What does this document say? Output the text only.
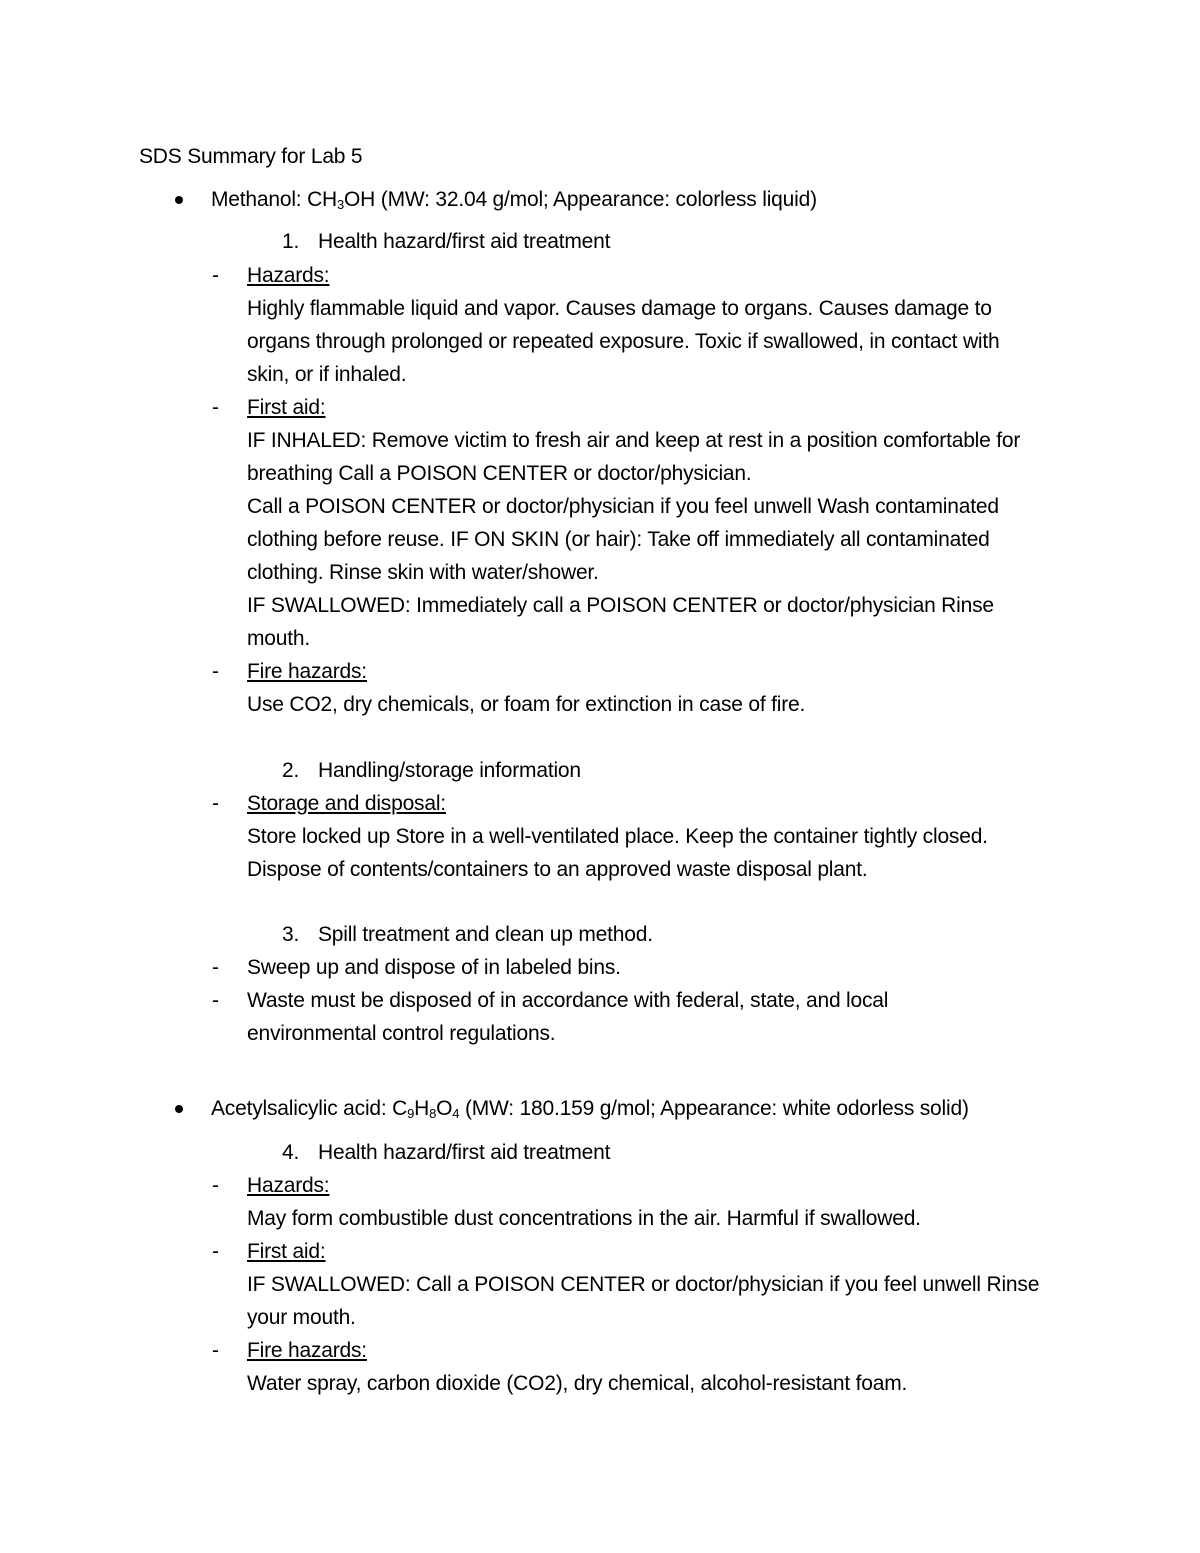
SDS Summary for Lab 5
Methanol: $CH_3OH$ (MW: 32.04 g/mol; Appearance: colorless liquid)
1. Health hazard/first aid treatment
- Hazards:
Highly flammable liquid and vapor. Causes damage to organs. Causes damage to
organs through prolonged or repeated exposure. Toxic if swallowed, in contact with
skin, or if inhaled.
- First aid:
IF INHALED: Remove victim to fresh air and keep at rest in a position comfortable for
breathing Call a POISON CENTER or doctor/physician.
Call a POISON CENTER or doctor/physician if you feel unwell Wash contaminated
clothing before reuse. IF ON SKIN (or hair): Take off immediately all contaminated
clothing. Rinse skin with water/shower.
IF SWALLOWED: Immediately call a POISON CENTER or doctor/physician Rinse
mouth.
- Fire hazards:
Use CO2, dry chemicals, or foam for extinction in case of fire.
2. Handling/storage information
- Storage and disposal:
Store locked up Store in a well-ventilated place. Keep the container tightly closed.
Dispose of contents/containers to an approved waste disposal plant.
3. Spill treatment and clean up method.
- Sweep up and dispose of in labeled bins.
- Waste must be disposed of in accordance with federal, state, and local
environmental control regulations.
Acetylsalicylic acid: $C_9H_8O_4$ (MW: 180.159 g/mol; Appearance: white odorless solid)
4. Health hazard/first aid treatment
- Hazards:
May form combustible dust concentrations in the air. Harmful if swallowed.
- First aid:
IF SWALLOWED: Call a POISON CENTER or doctor/physician if you feel unwell Rinse
your mouth.
- Fire hazards:
Water spray, carbon dioxide (CO2), dry chemical, alcohol-resistant foam.
